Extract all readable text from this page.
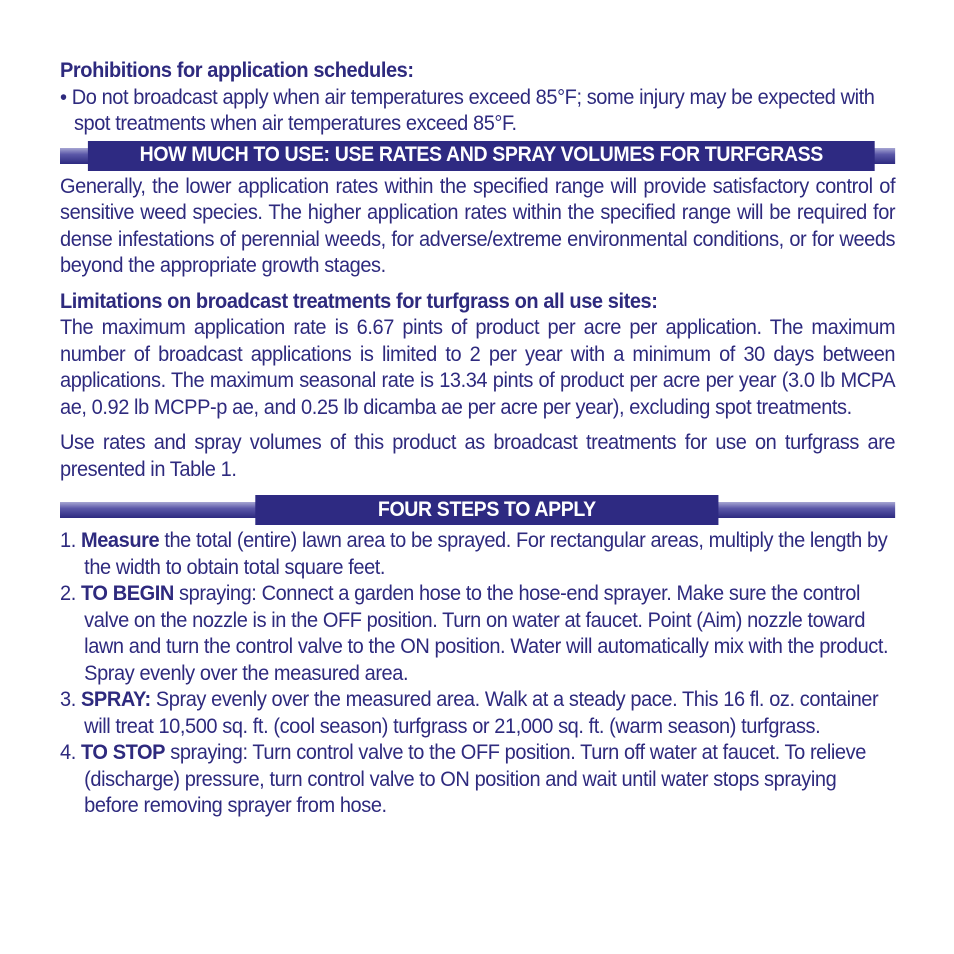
Prohibitions for application schedules:

• Do not broadcast apply when air temperatures exceed 85°F; some injury may be expected with spot treatments when air temperatures exceed 85°F.

HOW MUCH TO USE: USE RATES AND SPRAY VOLUMES FOR TURFGRASS

Generally, the lower application rates within the specified range will provide satisfactory control of sensitive weed species. The higher application rates within the specified range will be required for dense infestations of perennial weeds, for adverse/extreme environmental conditions, or for weeds beyond the appropriate growth stages.

Limitations on broadcast treatments for turfgrass on all use sites:

The maximum application rate is 6.67 pints of product per acre per application. The maximum number of broadcast applications is limited to 2 per year with a minimum of 30 days between applications. The maximum seasonal rate is 13.34 pints of product per acre per year (3.0 lb MCPA ae, 0.92 lb MCPP-p ae, and 0.25 lb dicamba ae per acre per year), excluding spot treatments.

Use rates and spray volumes of this product as broadcast treatments for use on turfgrass are presented in Table 1.

FOUR STEPS TO APPLY

1. Measure the total (entire) lawn area to be sprayed. For rectangular areas, multiply the length by the width to obtain total square feet.

2. TO BEGIN spraying: Connect a garden hose to the hose-end sprayer. Make sure the control valve on the nozzle is in the OFF position. Turn on water at faucet. Point (Aim) nozzle toward lawn and turn the control valve to the ON position. Water will automatically mix with the product. Spray evenly over the measured area.

3. SPRAY: Spray evenly over the measured area. Walk at a steady pace. This 16 fl. oz. container will treat 10,500 sq. ft. (cool season) turfgrass or 21,000 sq. ft. (warm season) turfgrass.

4. TO STOP spraying: Turn control valve to the OFF position. Turn off water at faucet. To relieve (discharge) pressure, turn control valve to ON position and wait until water stops spraying before removing sprayer from hose.
